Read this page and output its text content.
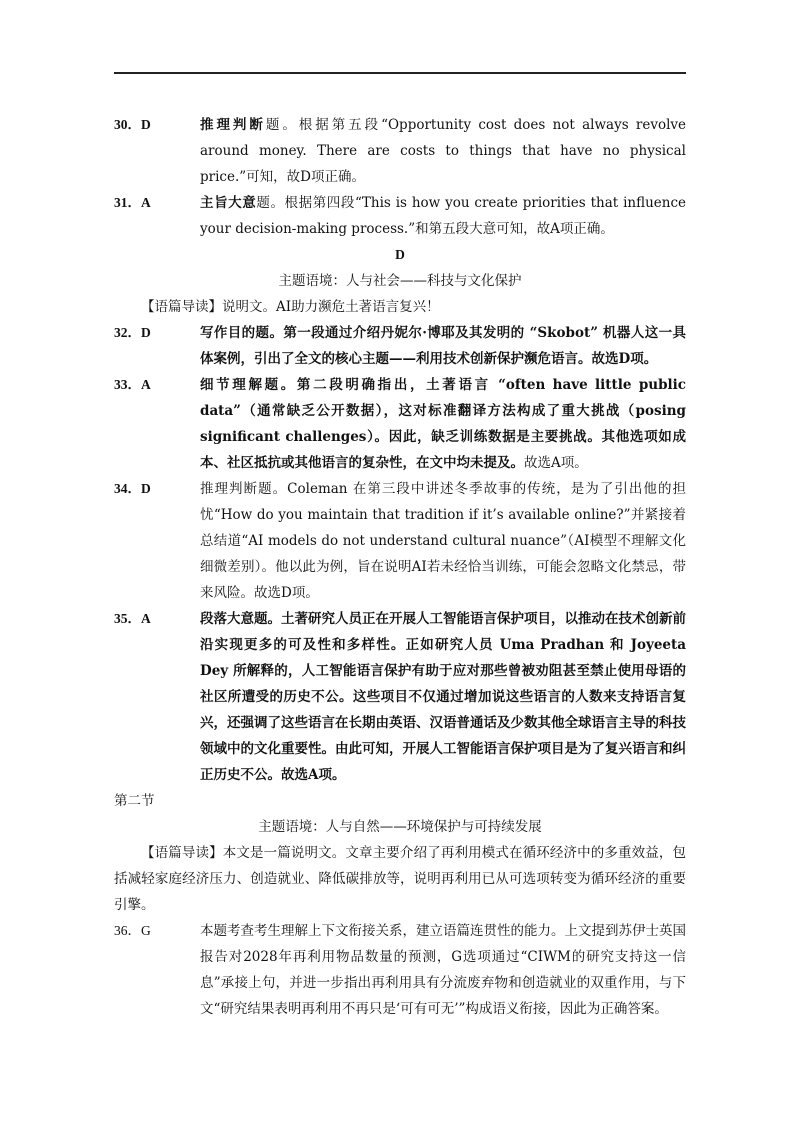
30．D	推理判断题。根据第五段“Opportunity cost does not always revolve around money. There are costs to things that have no physical price.”可知，故D项正确。
31．A	主旨大意题。根据第四段“This is how you create priorities that influence your decision-making process.”和第五段大意可知，故A项正确。
D
主题语境：人与社会——科技与文化保护
【语篇导读】说明文。AI助力濒危土著语言复兴！
32．D	写作目的题。第一段通过介绍丹妮尔·博耶及其发明的 “Skobot” 机器人这一具体案例，引出了全文的核心主题——利用技术创新保护濒危语言。故选D项。
33．A	细节理解题。第二段明确指出，土著语言 “often have little public data”（通常缺乏公开数据），这对标准翻译方法构成了重大挑战（posing significant challenges）。因此，缺乏训练数据是主要挑战。其他选项如成本、社区抵抗或其他语言的复杂性，在文中均未提及。故选A项。
34．D	推理判断题。Coleman 在第三段中讲述冬季故事的传统，是为了引出他的担忧“How do you maintain that tradition if it’s available online?”并紧接着总结道“AI models do not understand cultural nuance”（AI模型不理解文化细微差别）。他以此为例，旨在说明AI若未经恰当训练，可能会忽略文化禁忌，带来风险。故选D项。
35．A	段落大意题。土著研究人员正在开展人工智能语言保护项目，以推动在技术创新前沿实现更多的可及性和多样性。正如研究人员 Uma Pradhan 和 Joyeeta Dey 所解释的，人工智能语言保护有助于应对那些曾被劝阻甚至禁止使用母语的社区所遭受的历史不公。这些项目不仅通过增加说这些语言的人数来支持语言复兴，还强调了这些语言在长期由英语、汉语普通话及少数其他全球语言主导的科技领域中的文化重要性。由此可知，开展人工智能语言保护项目是为了复兴语言和纠正历史不公。故选A项。
第二节
主题语境：人与自然——环境保护与可持续发展
【语篇导读】本文是一篇说明文。文章主要介绍了再利用模式在循环经济中的多重效益，包括减轻家庭经济压力、创造就业、降低碳排放等，说明再利用已从可选项转变为循环经济的重要引擎。
36．G	本题考查考生理解上下文衔接关系，建立语篇连贯性的能力。上文提到苏伊士英国报告对2028年再利用物品数量的预测，G选项通过“CIWM的研究支持这一信息”承接上句，并进一步指出再利用具有分流废弃物和创造就业的双重作用，与下文“研究结果表明再利用不再只是‘可有可无’”构成语义衔接，因此为正确答案。
